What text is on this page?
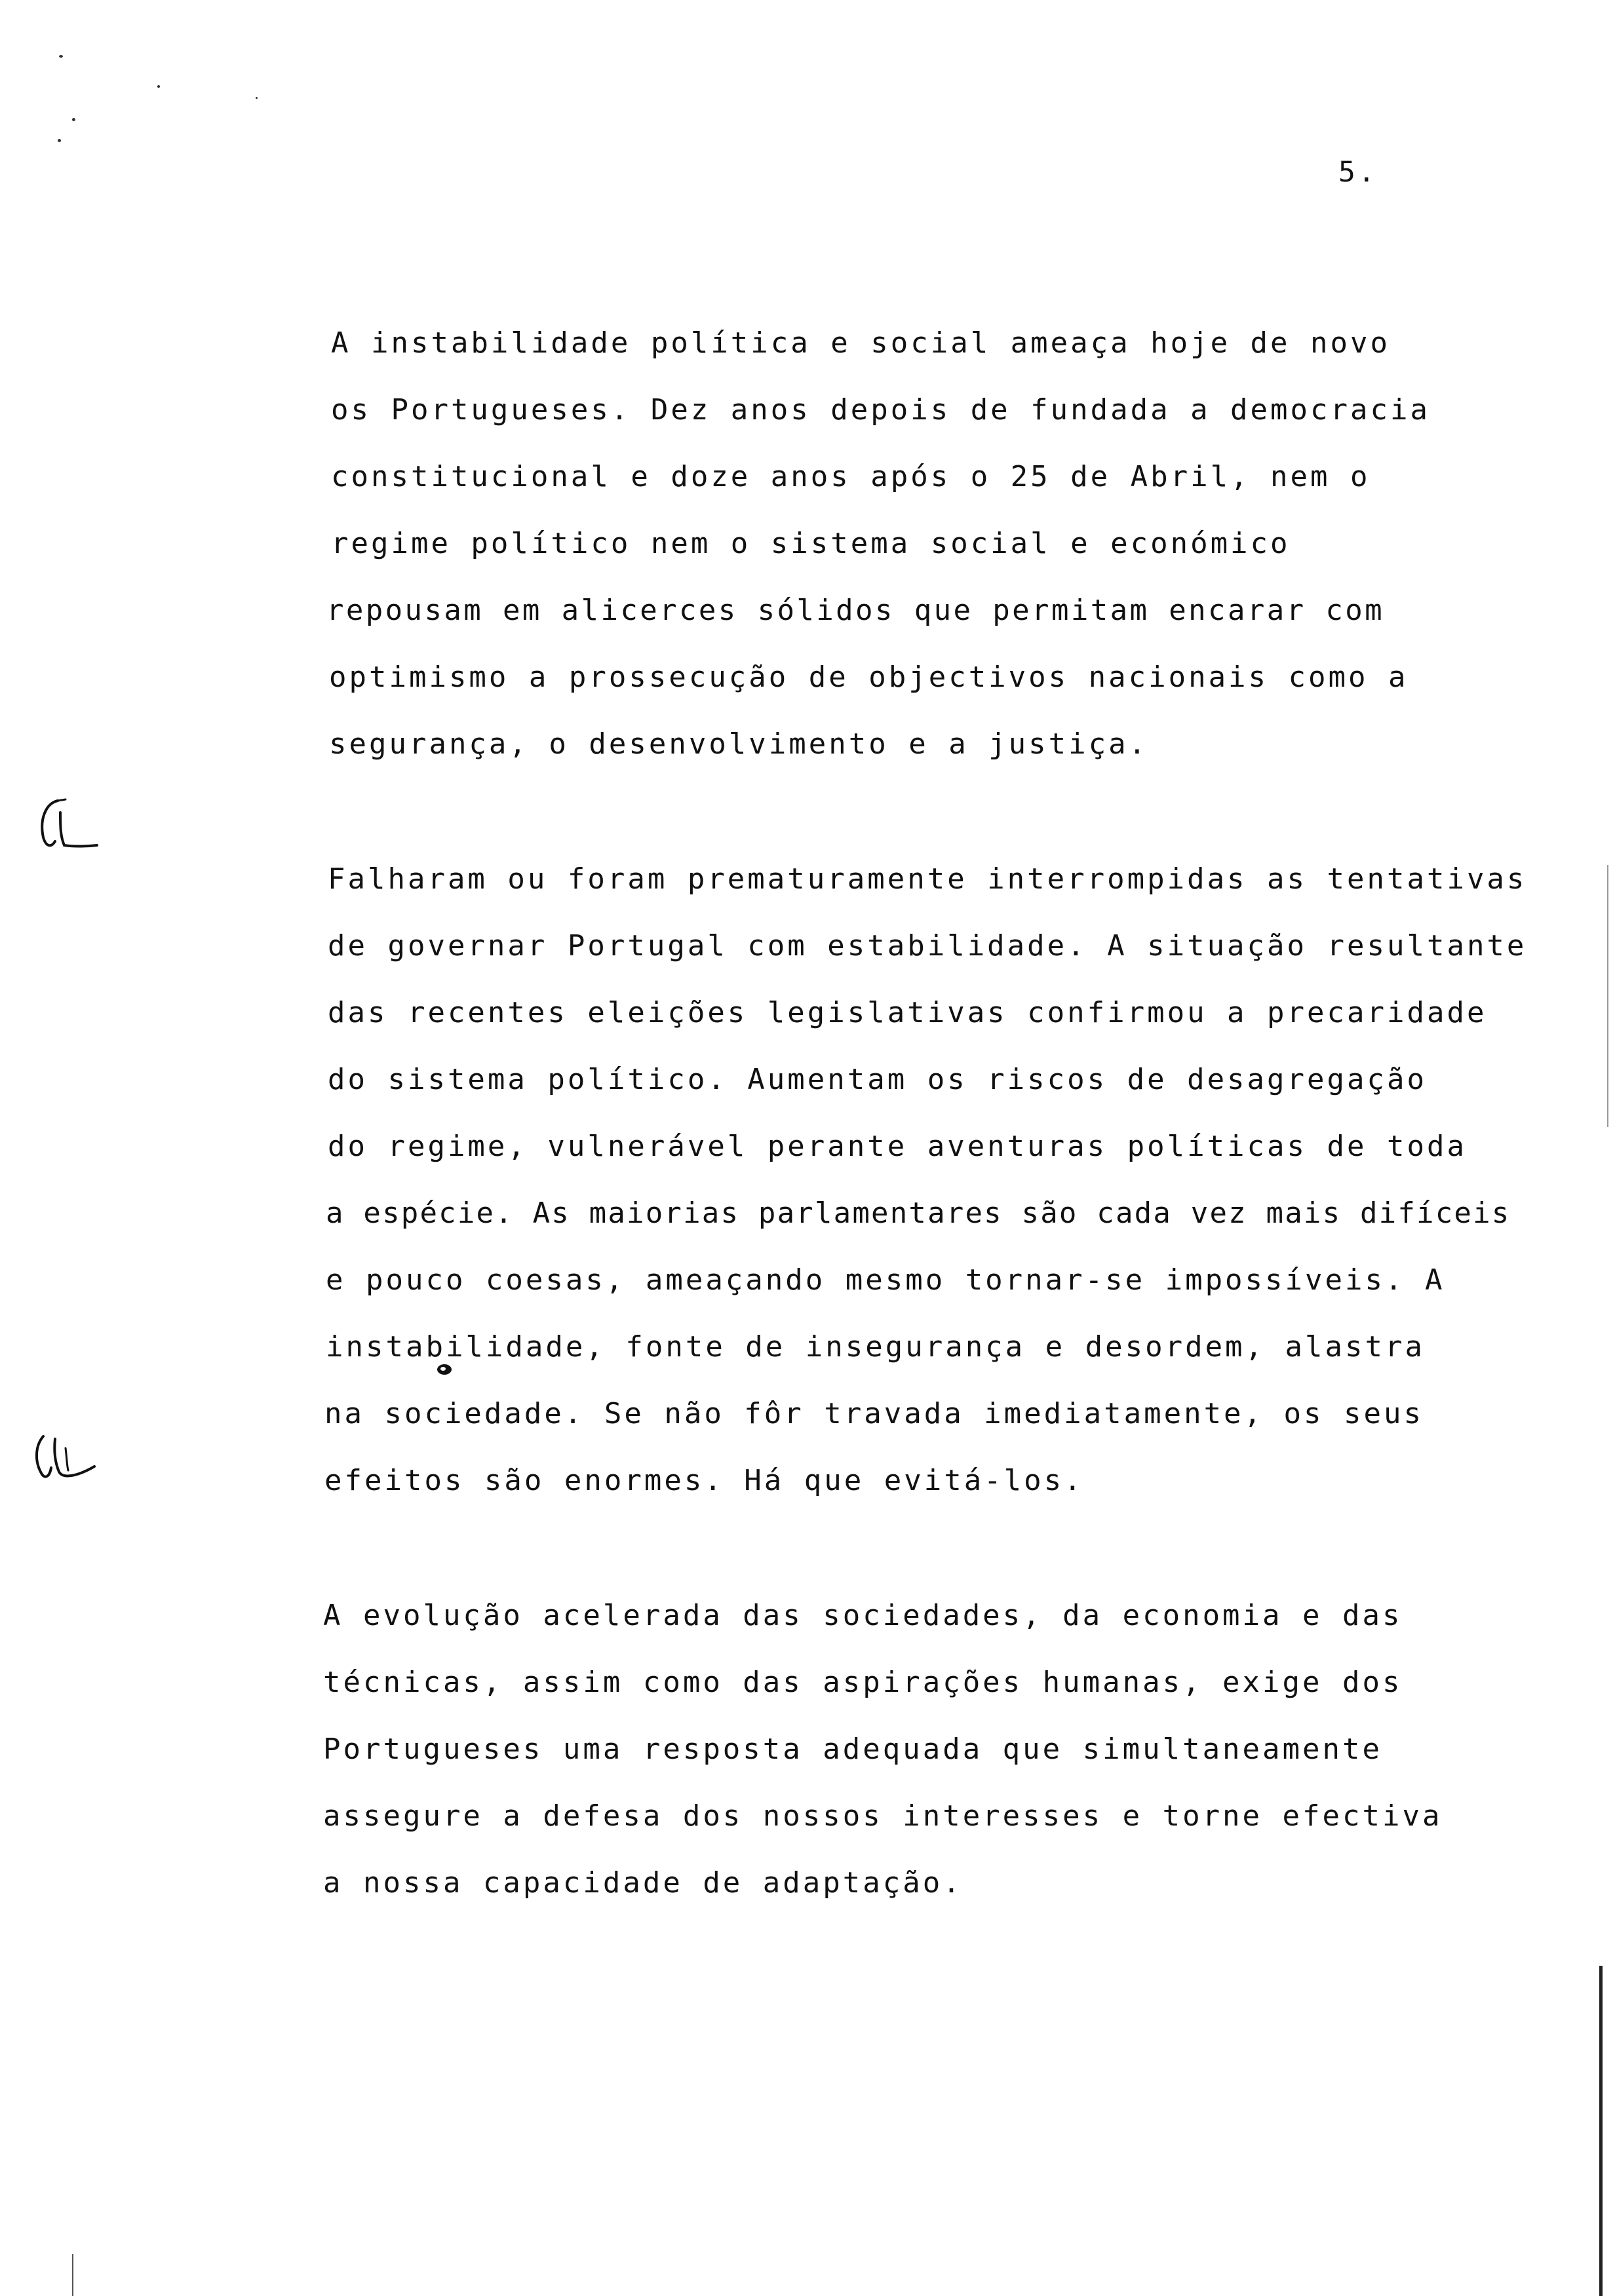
5.
A instabilidade política e social ameaça hoje de novo
os Portugueses. Dez anos depois de fundada a democracia
constitucional e doze anos após o 25 de Abril, nem o
regime político nem o sistema social e económico
repousam em alicerces sólidos que permitam encarar com
optimismo a prossecução de objectivos nacionais como a
segurança, o desenvolvimento e a justiça.
Falharam ou foram prematuramente interrompidas as tentativas
de governar Portugal com estabilidade. A situação resultante
das recentes eleições legislativas confirmou a precaridade
do sistema político. Aumentam os riscos de desagregação
do regime, vulnerável perante aventuras políticas de toda
a espécie. As maiorias parlamentares são cada vez mais difíceis
e pouco coesas, ameaçando mesmo tornar-se impossíveis. A
instabilidade, fonte de insegurança e desordem, alastra
na sociedade. Se não fôr travada imediatamente, os seus
efeitos são enormes. Há que evitá-los.
A evolução acelerada das sociedades, da economia e das
técnicas, assim como das aspirações humanas, exige dos
Portugueses uma resposta adequada que simultaneamente
assegure a defesa dos nossos interesses e torne efectiva
a nossa capacidade de adaptação.
